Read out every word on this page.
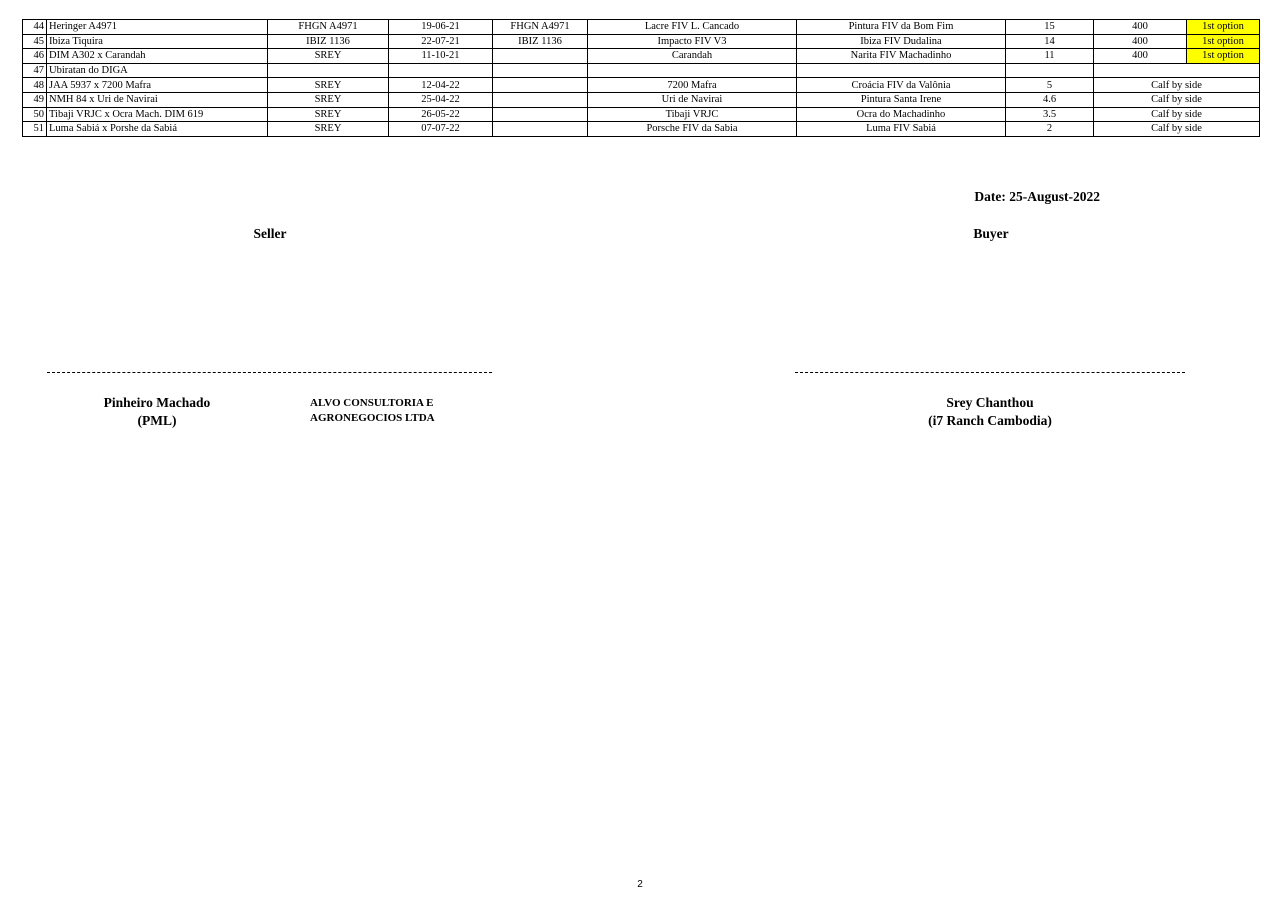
44	Heringer A4971	FHGN A4971	19-06-21	FHGN A4971	Lacre FIV L. Cancado	Pintura FIV da Bom Fim	15	400	1st option
45	Ibiza Tiquira	IBIZ 1136	22-07-21	IBIZ 1136	Impacto FIV V3	Ibiza FIV Dudalina	14	400	1st option
46	DIM A302 x Carandah	SREY	11-10-21		Carandah	Narita FIV Machadinho	11	400	1st option
47	Ubiratan do DIGA								
48	JAA 5937 x 7200 Mafra	SREY	12-04-22		7200 Mafra	Croácia FIV da Valônia	5	Calf by side	
49	NMH 84 x Uri de Navirai	SREY	25-04-22		Uri de Navirai	Pintura Santa Irene	4.6	Calf by side	
50	Tibaji VRJC x Ocra Mach. DIM 619	SREY	26-05-22		Tibaji VRJC	Ocra do Machadinho	3.5	Calf by side	
51	Luma Sabiá x Porshe da Sabiá	SREY	07-07-22		Porsche FIV da Sabia	Luma FIV Sabiá	2	Calf by side	
Date: 25-August-2022
Seller	Buyer
Pinheiro Machado
(PML)
ALVO CONSULTORIA E
AGRONEGOCIOS LTDA
Srey Chanthou
(i7 Ranch Cambodia)
2
